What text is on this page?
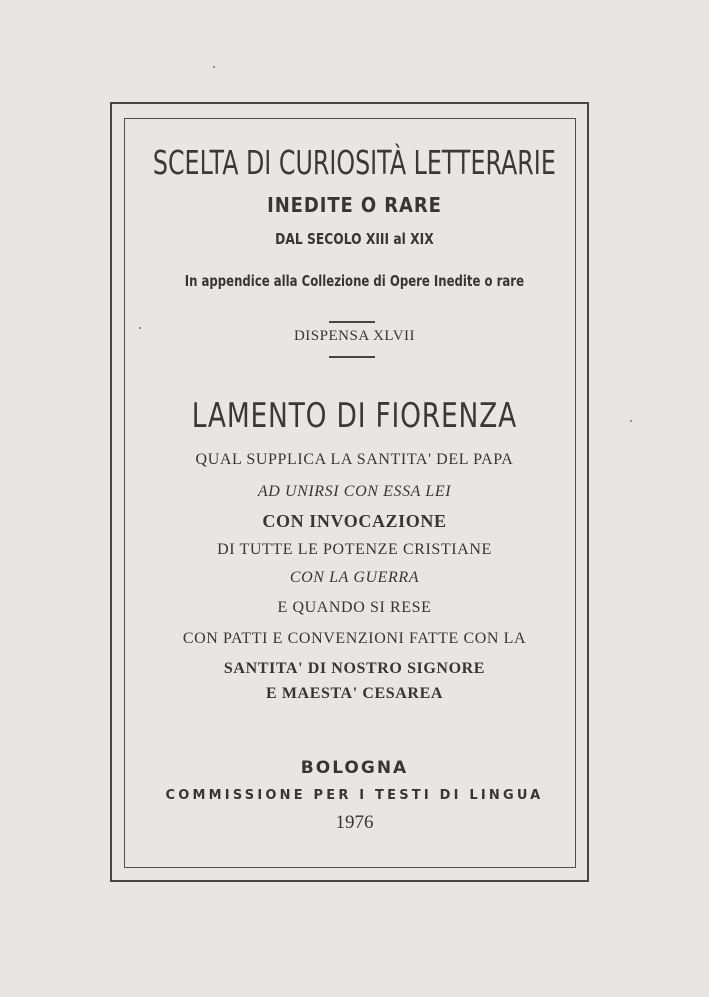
SCELTA DI CURIOSITÀ LETTERARIE
INEDITE O RARE
DAL SECOLO XIII al XIX
In appendice alla Collezione di Opere Inedite o rare
DISPENSA XLVII
LAMENTO DI FIORENZA
QUAL SUPPLICA LA SANTITA' DEL PAPA
AD UNIRSI CON ESSA LEI
CON INVOCAZIONE
DI TUTTE LE POTENZE CRISTIANE
CON LA GUERRA
E QUANDO SI RESE
CON PATTI E CONVENZIONI FATTE CON LA
SANTITA' DI NOSTRO SIGNORE
E MAESTA' CESAREA
BOLOGNA
COMMISSIONE PER I TESTI DI LINGUA
1976
